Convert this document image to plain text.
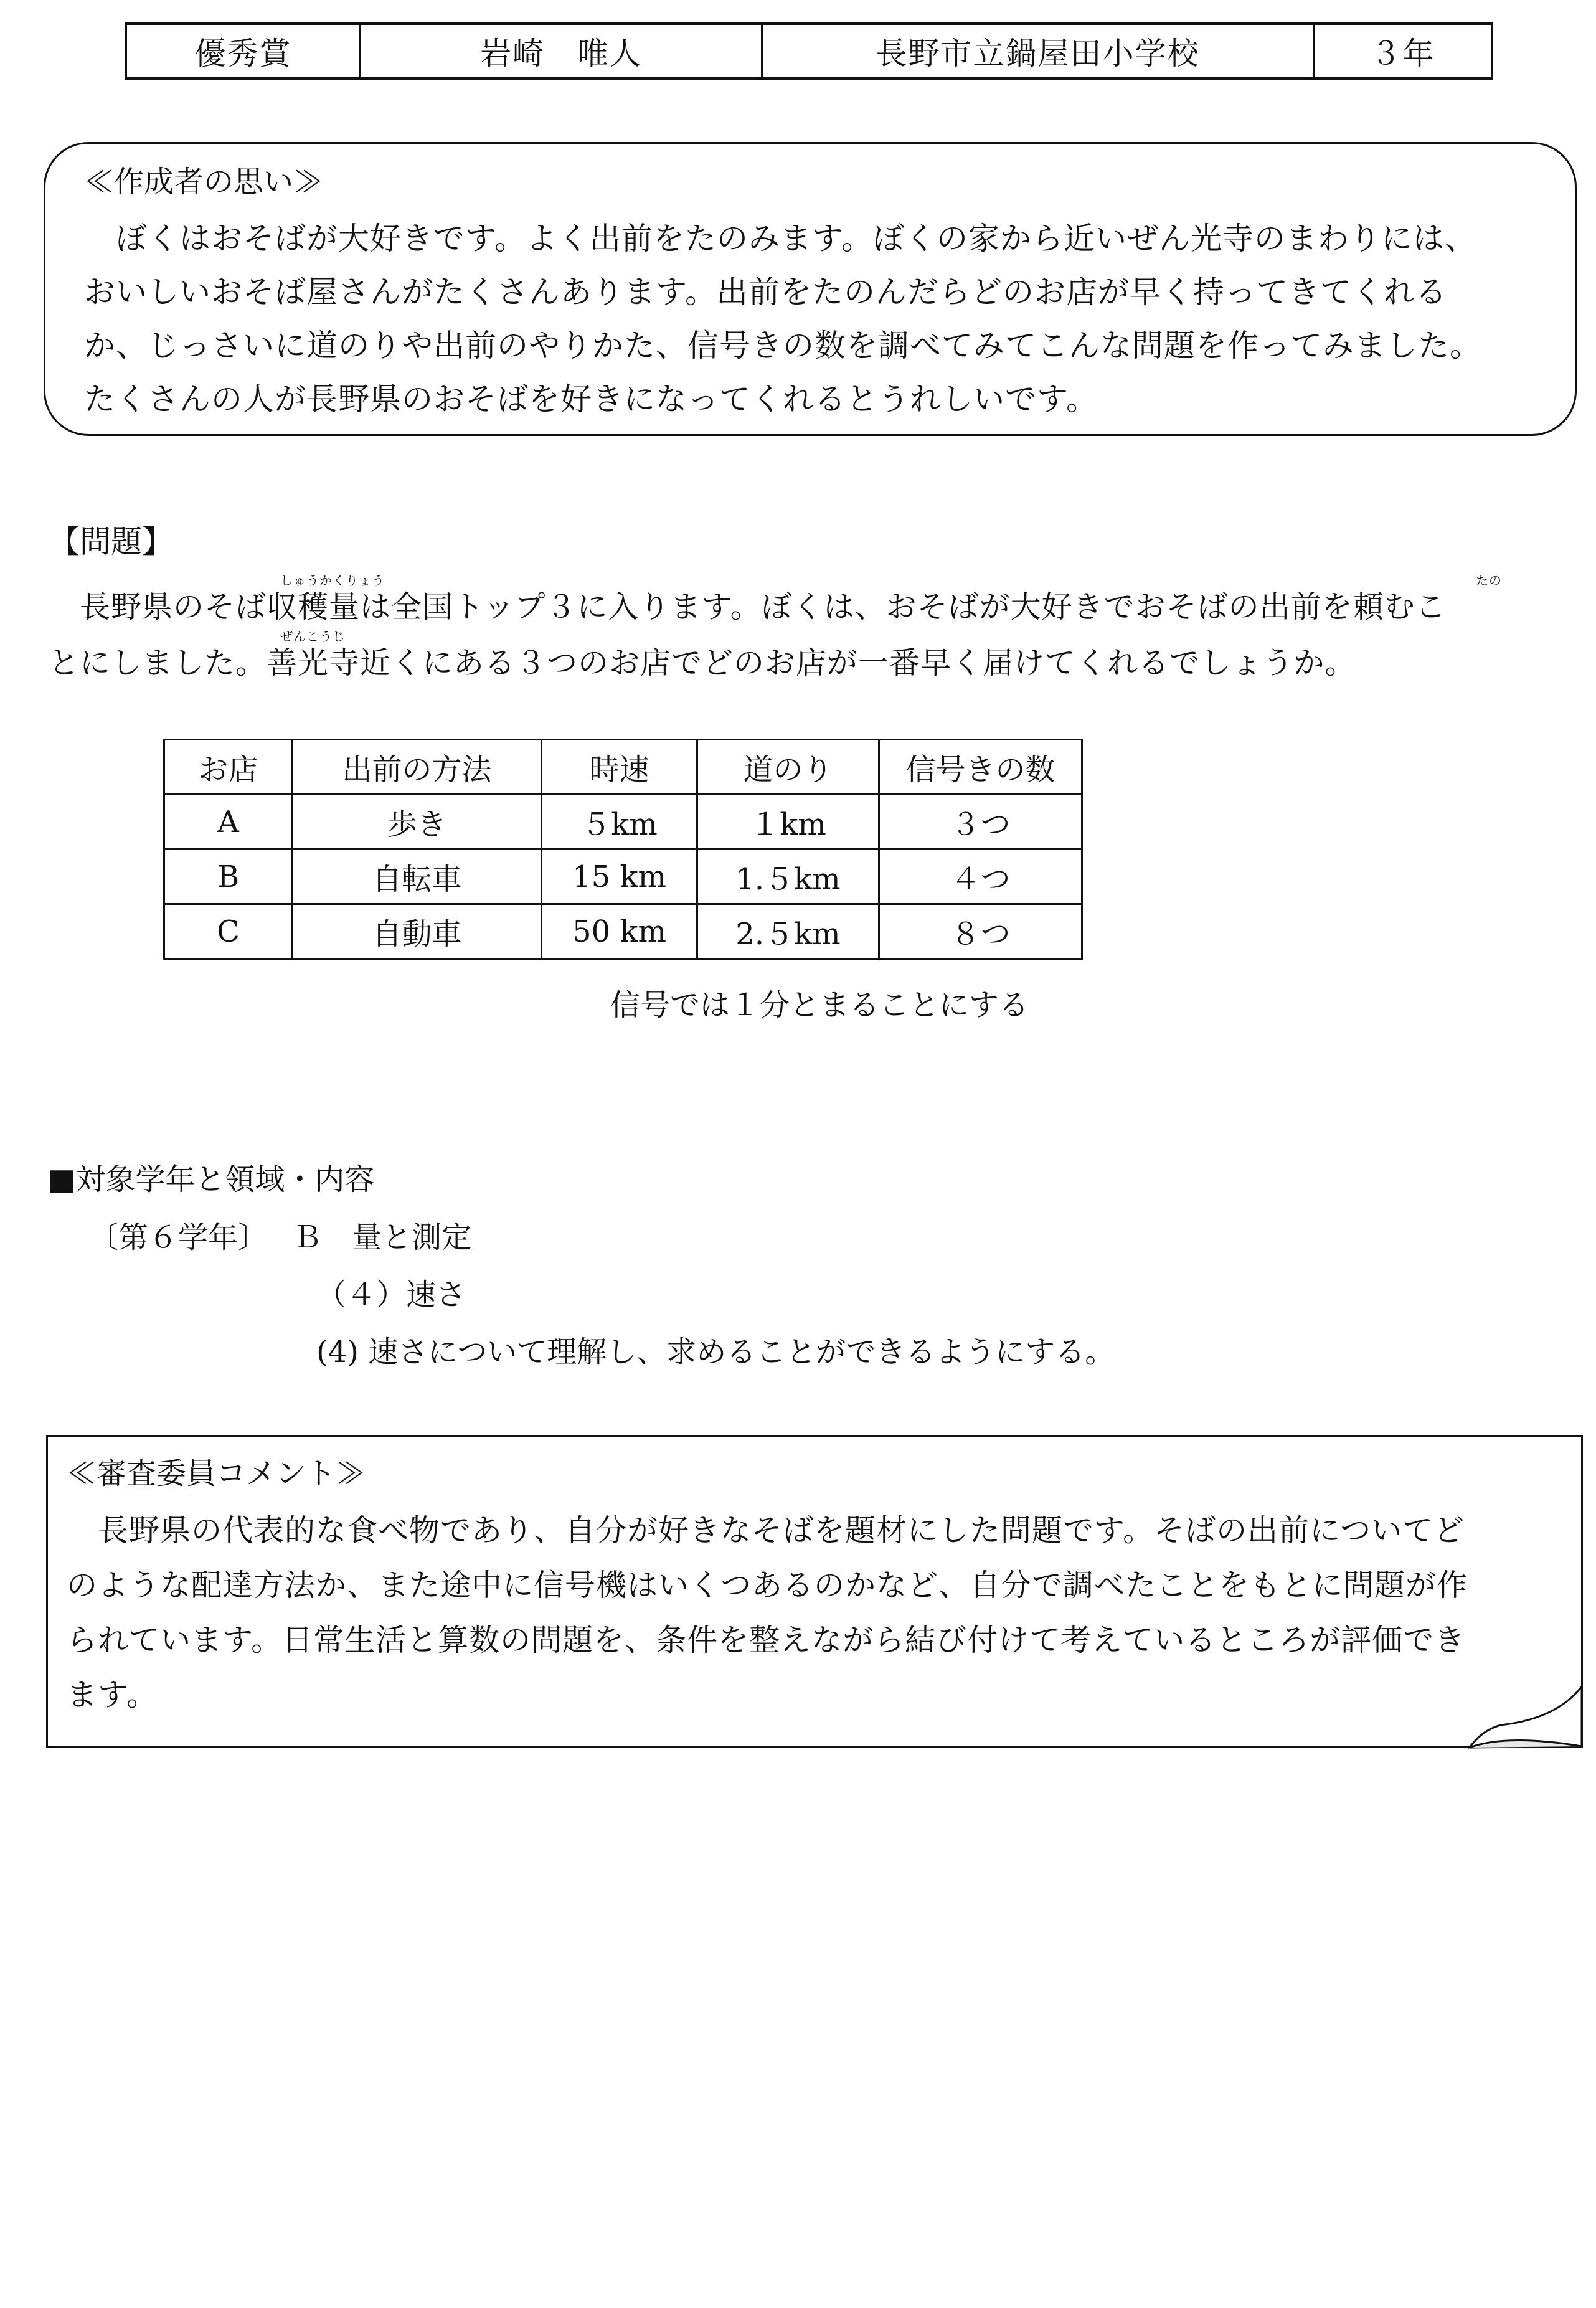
優秀賞	岩崎　唯人	長野市立鍋屋田小学校	３年
≪作成者の思い≫
　ぼくはおそばが大好きです。よく出前をたのみます。ぼくの家から近いぜん光寺のまわりには、
おいしいおそば屋さんがたくさんあります。出前をたのんだらどのお店が早く持ってきてくれる
か、じっさいに道のりや出前のやりかた、信号きの数を調べてみてこんな問題を作ってみました。
たくさんの人が長野県のおそばを好きになってくれるとうれしいです。
【問題】
しゅうかくりょう	たの
　長野県のそば収穫量は全国トップ３に入ります。ぼくは、おそばが大好きでおそばの出前を頼むこ
ぜんこうじ
とにしました。善光寺近くにある３つのお店でどのお店が一番早く届けてくれるでしょうか。
お店	出前の方法	時速	道のり	信号きの数
A	歩き	５km	１km	３つ
B	自転車	15 km	1.５km	４つ
C	自動車	50 km	2.５km	８つ
信号では１分とまることにする
■対象学年と領域・内容
〔第６学年〕　 Ｂ　量と測定
（４）速さ
(4) 速さについて理解し、求めることができるようにする。
≪審査委員コメント≫
　長野県の代表的な食べ物であり、自分が好きなそばを題材にした問題です。そばの出前についてど
のような配達方法か、また途中に信号機はいくつあるのかなど、自分で調べたことをもとに問題が作
られています。日常生活と算数の問題を、条件を整えながら結び付けて考えているところが評価でき
ます。
